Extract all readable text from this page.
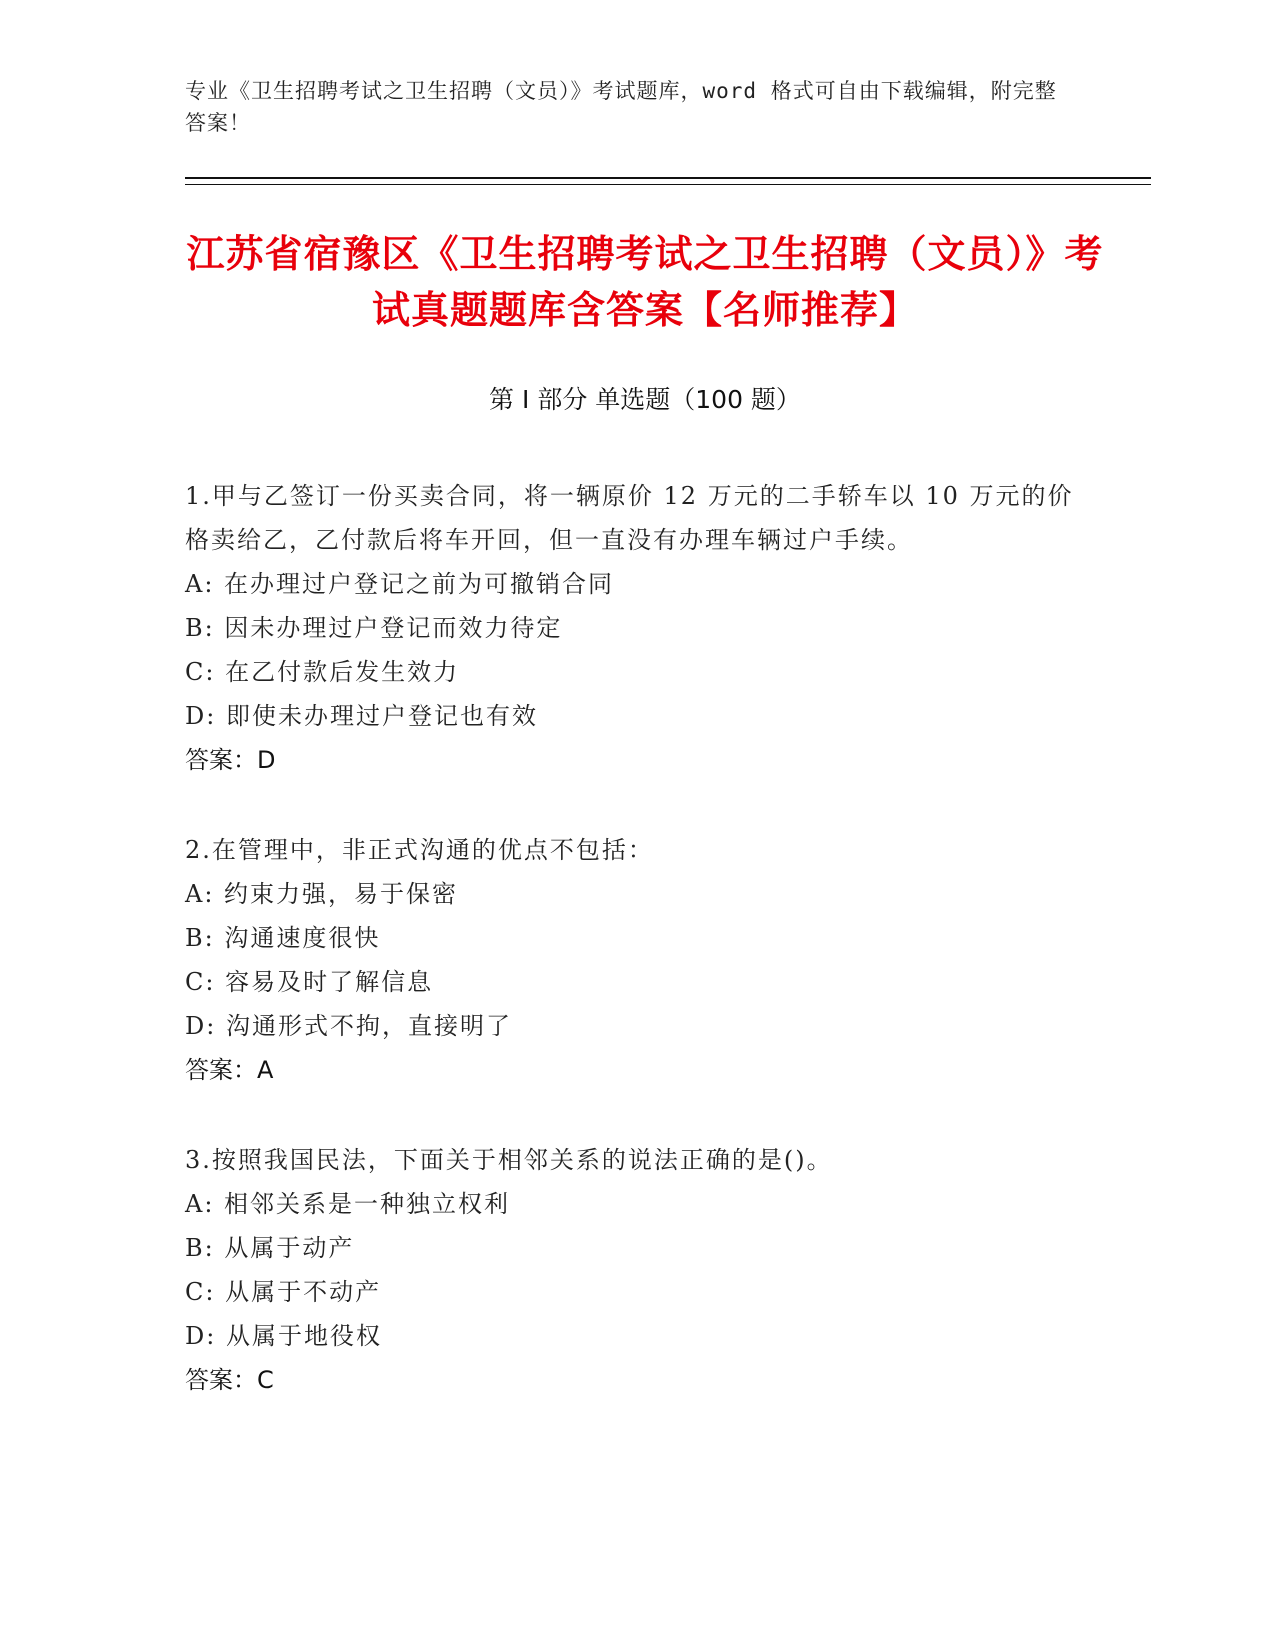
专业《卫生招聘考试之卫生招聘（文员）》考试题库，word 格式可自由下载编辑，附完整答案！
江苏省宿豫区《卫生招聘考试之卫生招聘（文员）》考试真题题库含答案【名师推荐】
第 I 部分 单选题（100 题）

1.甲与乙签订一份买卖合同，将一辆原价 12 万元的二手轿车以 10 万元的价格卖给乙，乙付款后将车开回，但一直没有办理车辆过户手续。

A: 在办理过户登记之前为可撤销合同

B: 因未办理过户登记而效力待定

C: 在乙付款后发生效力

D: 即使未办理过户登记也有效

答案：D

2.在管理中，非正式沟通的优点不包括：

A: 约束力强，易于保密

B: 沟通速度很快

C: 容易及时了解信息

D: 沟通形式不拘，直接明了

答案：A

3.按照我国民法，下面关于相邻关系的说法正确的是()。

A: 相邻关系是一种独立权利

B: 从属于动产

C: 从属于不动产

D: 从属于地役权

答案：C
